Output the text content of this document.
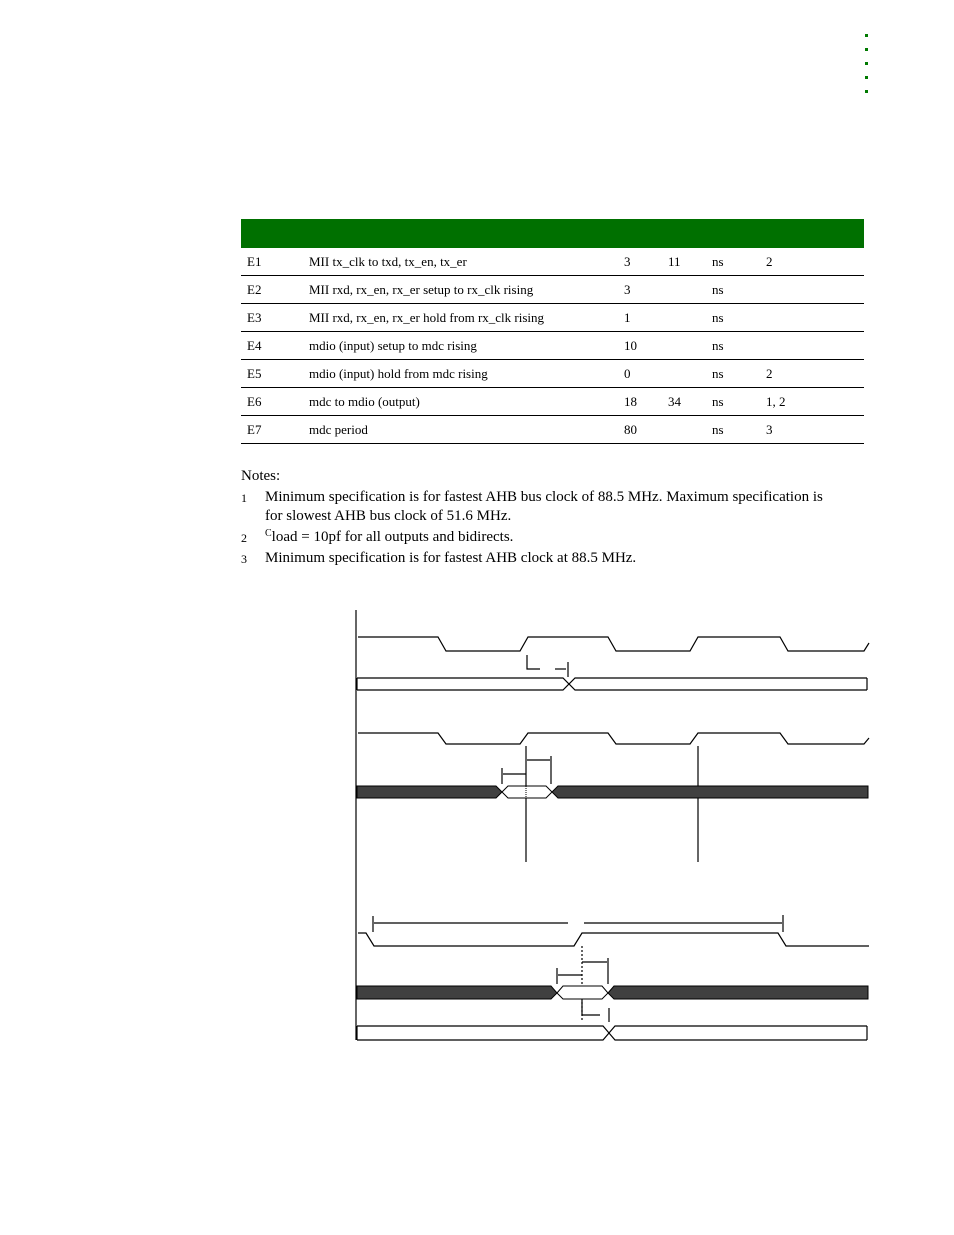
E1	MII tx_clk to txd, tx_en, tx_er	3	11	ns	2
E2	MII rxd, rx_en, rx_er setup to rx_clk rising	3		ns	
E3	MII rxd, rx_en, rx_er hold from rx_clk rising	1		ns	
E4	mdio (input) setup to mdc rising	10		ns	
E5	mdio (input) hold from mdc rising	0		ns	2
E6	mdc to mdio (output)	18	34	ns	1, 2
E7	mdc period	80		ns	3
Notes:
1 Minimum specification is for fastest AHB bus clock of 88.5 MHz. Maximum specification is for slowest AHB bus clock of 51.6 MHz.
2 $^C$load = 10pf for all outputs and bidirects.
3 Minimum specification is for fastest AHB clock at 88.5 MHz.
